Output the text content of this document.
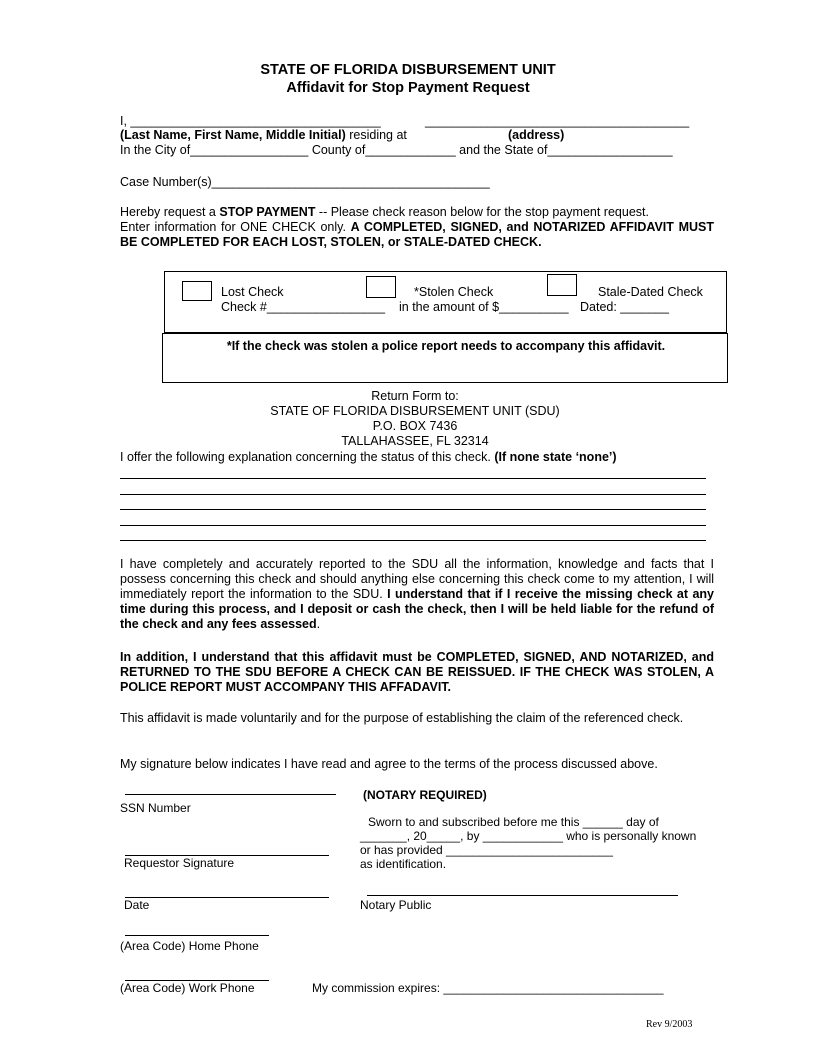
STATE OF FLORIDA DISBURSEMENT UNIT
Affidavit for Stop Payment Request
I, ____________________________________	______________________________________
(Last Name, First Name, Middle Initial) residing at	(address)
In the City of_________________ County of_____________ and the State of__________________
Case Number(s)________________________________________
Hereby request a STOP PAYMENT -- Please check reason below for the stop payment request.
Enter information for ONE CHECK only. A COMPLETED, SIGNED, and NOTARIZED AFFIDAVIT MUST BE COMPLETED FOR EACH LOST, STOLEN, or STALE-DATED CHECK.
Lost Check	*Stolen Check	Stale-Dated Check
Check #_________________ in the amount of $__________ Dated: _______
*If the check was stolen a police report needs to accompany this affidavit.
Return Form to:
STATE OF FLORIDA DISBURSEMENT UNIT (SDU)
P.O. BOX 7436
TALLAHASSEE, FL 32314
I offer the following explanation concerning the status of this check. (If none state ‘none’)
I have completely and accurately reported to the SDU all the information, knowledge and facts that I possess concerning this check and should anything else concerning this check come to my attention, I will immediately report the information to the SDU. I understand that if I receive the missing check at any time during this process, and I deposit or cash the check, then I will be held liable for the refund of the check and any fees assessed.
In addition, I understand that this affidavit must be COMPLETED, SIGNED, AND NOTARIZED, and RETURNED TO THE SDU BEFORE A CHECK CAN BE REISSUED. IF THE CHECK WAS STOLEN, A POLICE REPORT MUST ACCOMPANY THIS AFFADAVIT.
This affidavit is made voluntarily and for the purpose of establishing the claim of the referenced check.
My signature below indicates I have read and agree to the terms of the process discussed above.
SSN Number
Requestor Signature
Date
(Area Code) Home Phone
(Area Code) Work Phone	My commission expires: _________________________________
(NOTARY REQUIRED)
Sworn to and subscribed before me this ______ day of
_______, 20_____, by ____________ who is personally known
or has provided _________________________
as identification.
Notary Public
Rev 9/2003
